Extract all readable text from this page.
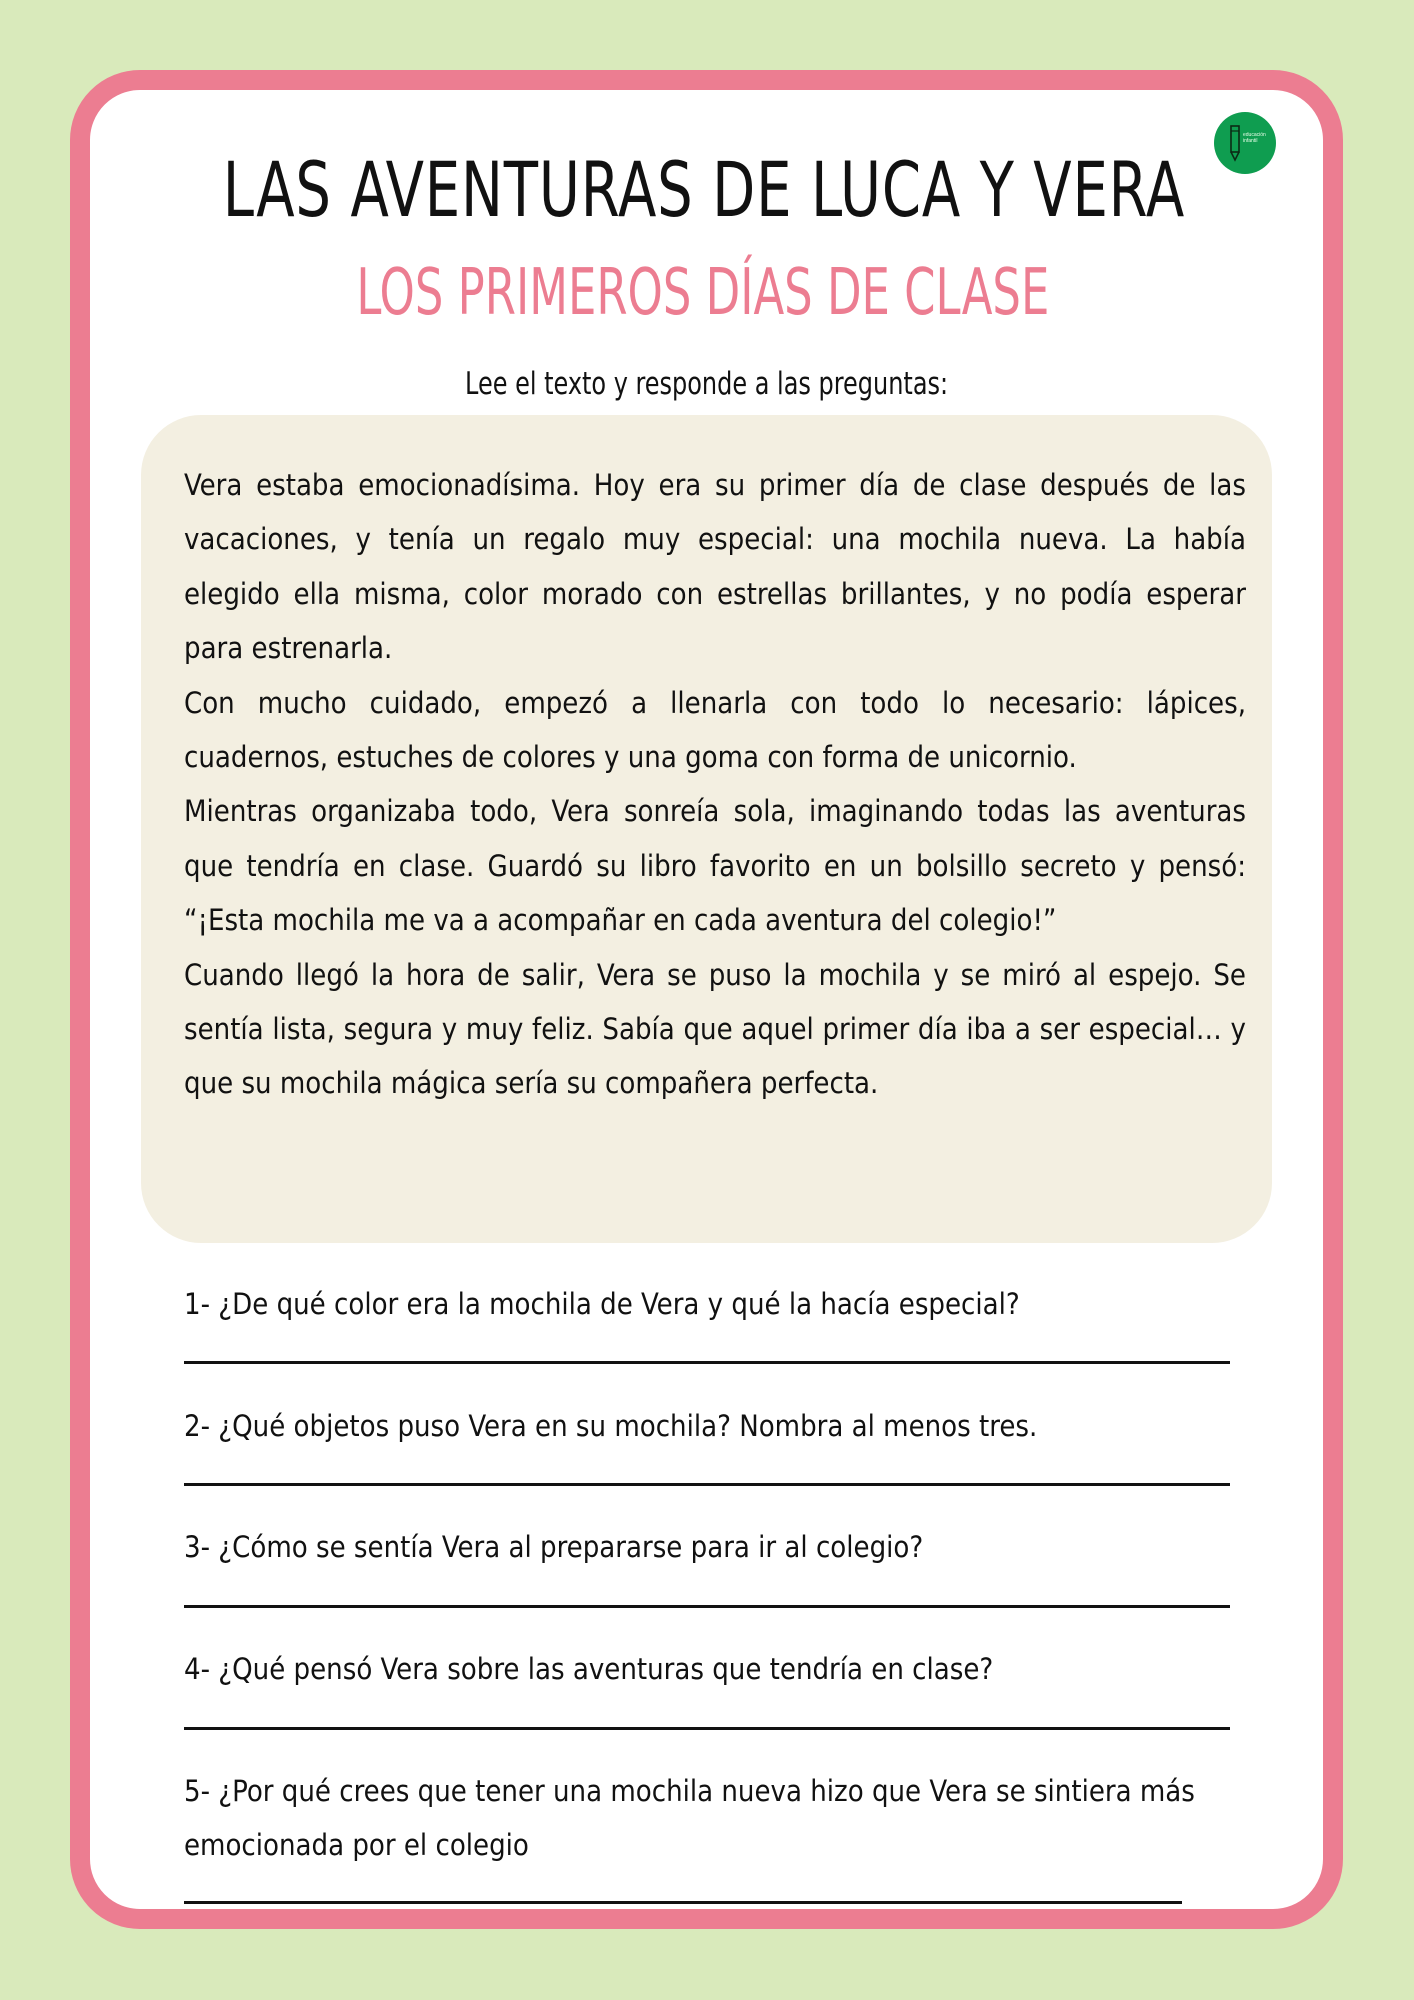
educación infantil
LAS AVENTURAS DE LUCA Y VERA
LOS PRIMEROS DÍAS DE CLASE
Lee el texto y responde a las preguntas:

Vera estaba emocionadísima. Hoy era su primer día de clase después de las vacaciones, y tenía un regalo muy especial: una mochila nueva. La había elegido ella misma, color morado con estrellas brillantes, y no podía esperar para estrenarla.

Con mucho cuidado, empezó a llenarla con todo lo necesario: lápices, cuadernos, estuches de colores y una goma con forma de unicornio.

Mientras organizaba todo, Vera sonreía sola, imaginando todas las aventuras que tendría en clase. Guardó su libro favorito en un bolsillo secreto y pensó: “¡Esta mochila me va a acompañar en cada aventura del colegio!”

Cuando llegó la hora de salir, Vera se puso la mochila y se miró al espejo. Se sentía lista, segura y muy feliz. Sabía que aquel primer día iba a ser especial… y que su mochila mágica sería su compañera perfecta.

1- ¿De qué color era la mochila de Vera y qué la hacía especial?
2- ¿Qué objetos puso Vera en su mochila? Nombra al menos tres.
3- ¿Cómo se sentía Vera al prepararse para ir al colegio?
4- ¿Qué pensó Vera sobre las aventuras que tendría en clase?
5- ¿Por qué crees que tener una mochila nueva hizo que Vera se sintiera más emocionada por el colegio
